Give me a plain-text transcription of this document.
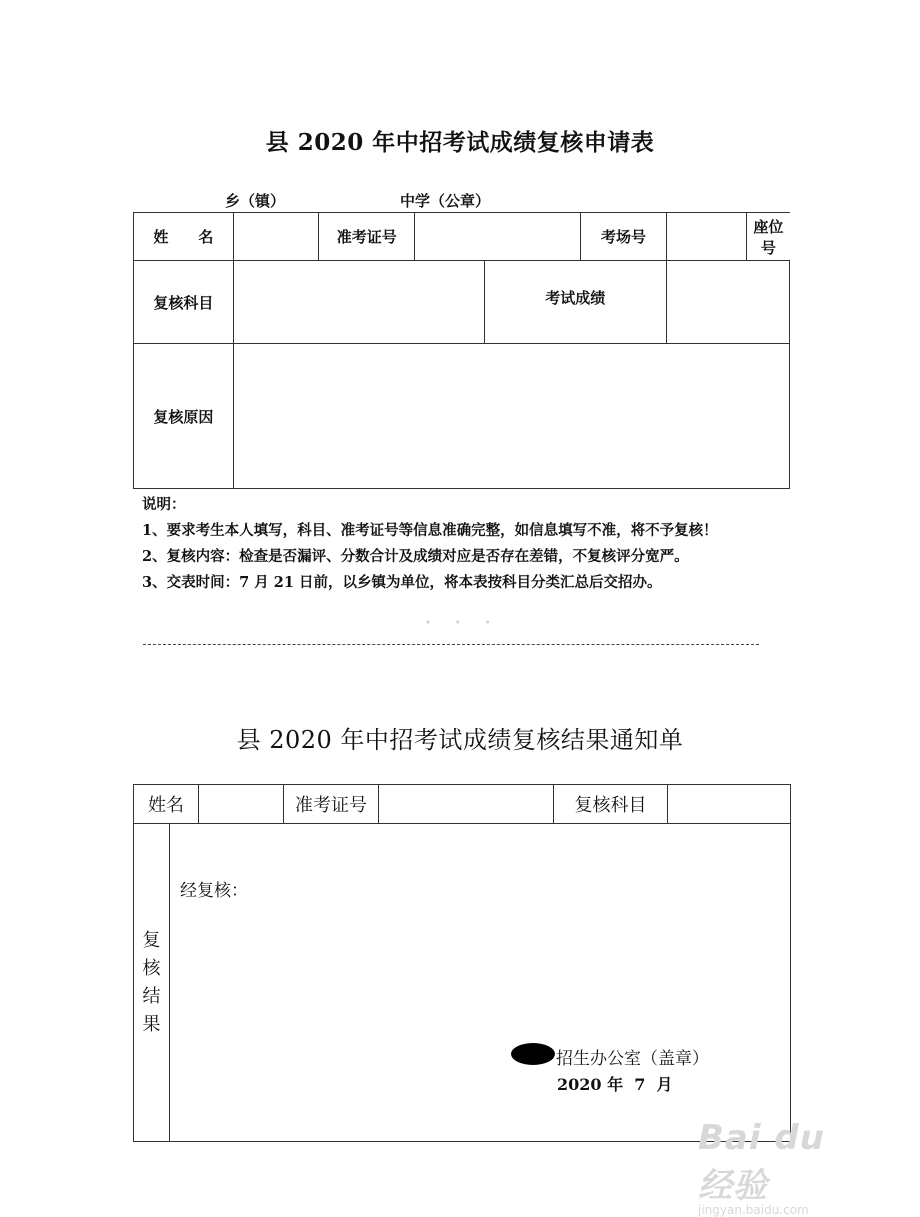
县 2020 年中招考试成绩复核申请表
乡（镇）	中学（公章）
姓　　名		准考证号			考场号		座位号
复核科目				考试成绩			
复核原因							

说明：

1、要求考生本人填写，科目、准考证号等信息准确完整，如信息填写不准，将不予复核！

2、复核内容：检查是否漏评、分数合计及成绩对应是否存在差错，不复核评分宽严。

3、交表时间：7 月 21 日前，以乡镇为单位，将本表按科目分类汇总后交招办。

•••
县 2020 年中招考试成绩复核结果通知单
姓名			准考证号		复核科目	

复核结果	经复核：					
招生办公室（盖章）
2020 年  7  月
Bai du 经验
jingyan.baidu.com
